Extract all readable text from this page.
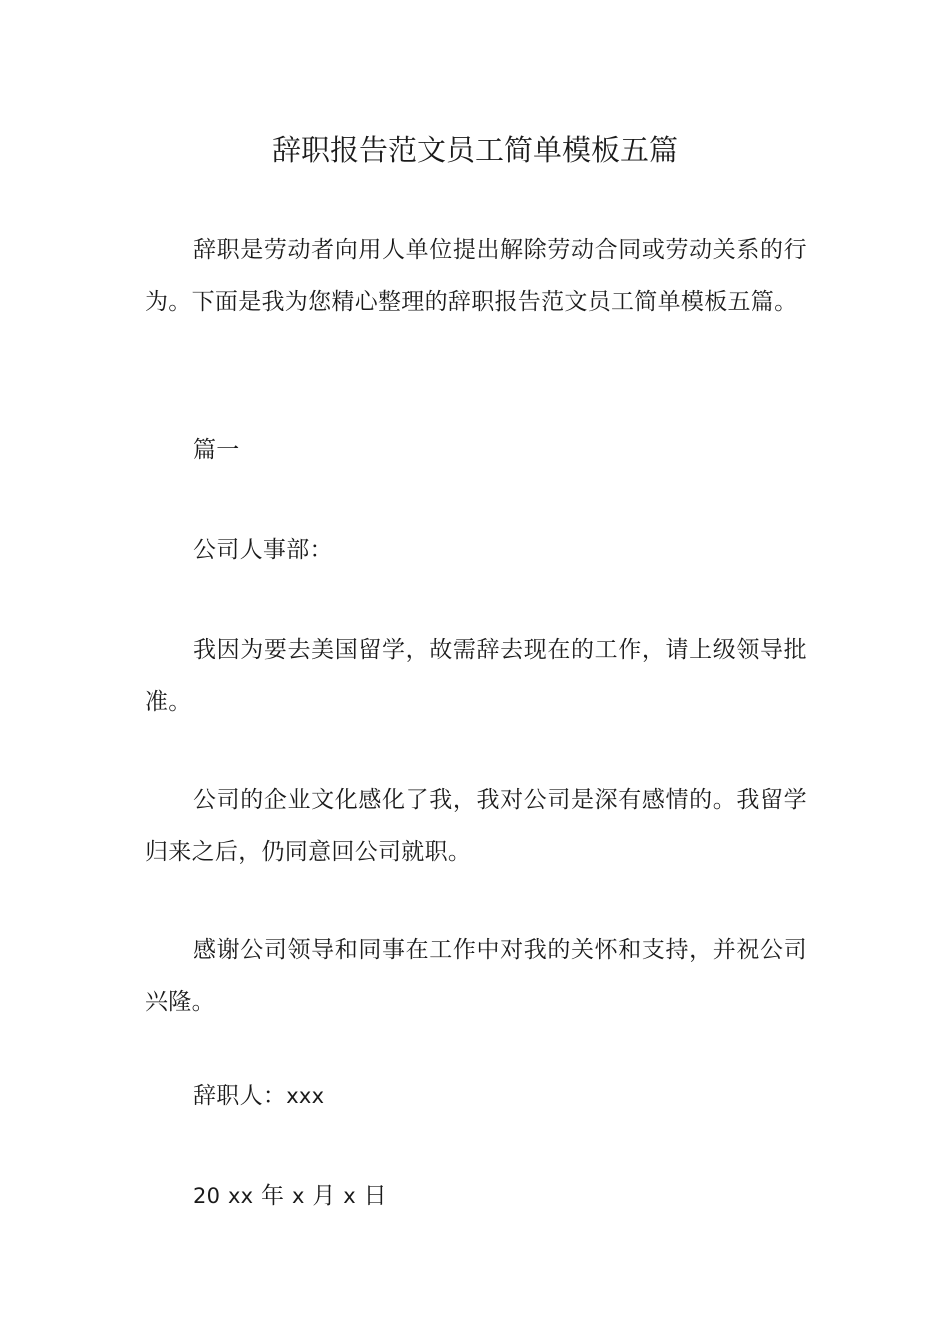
辞职报告范文员工简单模板五篇

辞职是劳动者向用人单位提出解除劳动合同或劳动关系的行为。下面是我为您精心整理的辞职报告范文员工简单模板五篇。

篇一

公司人事部：

我因为要去美国留学，故需辞去现在的工作，请上级领导批准。

公司的企业文化感化了我，我对公司是深有感情的。我留学归来之后，仍同意回公司就职。

感谢公司领导和同事在工作中对我的关怀和支持，并祝公司兴隆。

辞职人：xxx

20 xx 年 x 月 x 日
